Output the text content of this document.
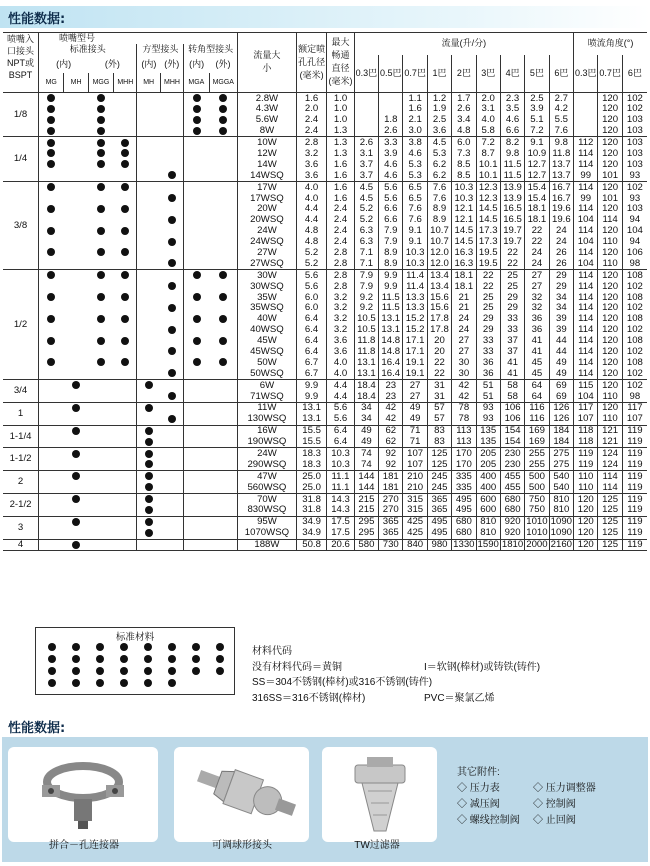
性能数据:
喷嘴入口接头NPT或BSPT	喷嘴型号								流量大小	额定喷孔孔径(毫米)	最大畅通直径(毫米)	流量(升/分)									喷流角度(°)		
	标准接头				方型接头		转角型接头																
	(内)		(外)		(内)	(外)	(内)	(外)				0.3巴	0.5巴	0.7巴	1巴	2巴	3巴	4巴	5巴	6巴	0.3巴	0.7巴	6巴
	MG	MH	MGG	MHH	MH	MHH	MGA	MGGA															

1/8									2.8W	1.6	1.0			1.1	1.2	1.7	2.0	2.3	2.5	2.7		120	102
									4.3W	2.0	1.0			1.6	1.9	2.6	3.1	3.5	3.9	4.2		120	102
									5.6W	2.4	1.0		1.8	2.1	2.5	3.4	4.0	4.6	5.1	5.5		120	103
									8W	2.4	1.3		2.6	3.0	3.6	4.8	5.8	6.6	7.2	7.6		120	103
1/4									10W	2.8	1.3	2.6	3.3	3.8	4.5	6.0	7.2	8.2	9.1	9.8	112	120	103
									12W	3.2	1.3	3.1	3.9	4.6	5.3	7.3	8.7	9.8	10.9	11.8	114	120	103
									14W	3.6	1.6	3.7	4.6	5.3	6.2	8.5	10.1	11.5	12.7	13.7	114	120	103
									14WSQ	3.6	1.6	3.7	4.6	5.3	6.2	8.5	10.1	11.5	12.7	13.7	99	101	93
3/8									17W	4.0	1.6	4.5	5.6	6.5	7.6	10.3	12.3	13.9	15.4	16.7	114	120	102
									17WSQ	4.0	1.6	4.5	5.6	6.5	7.6	10.3	12.3	13.9	15.4	16.7	99	101	93
									20W	4.4	2.4	5.2	6.6	7.6	8.9	12.1	14.5	16.5	18.1	19.6	114	120	103
									20WSQ	4.4	2.4	5.2	6.6	7.6	8.9	12.1	14.5	16.5	18.1	19.6	104	114	94
									24W	4.8	2.4	6.3	7.9	9.1	10.7	14.5	17.3	19.7	22	24	114	120	104
									24WSQ	4.8	2.4	6.3	7.9	9.1	10.7	14.5	17.3	19.7	22	24	104	110	94
									27W	5.2	2.8	7.1	8.9	10.3	12.0	16.3	19.5	22	24	26	114	120	106
									27WSQ	5.2	2.8	7.1	8.9	10.3	12.0	16.3	19.5	22	24	26	104	110	98
1/2									30W	5.6	2.8	7.9	9.9	11.4	13.4	18.1	22	25	27	29	114	120	108
									30WSQ	5.6	2.8	7.9	9.9	11.4	13.4	18.1	22	25	27	29	114	120	102
									35W	6.0	3.2	9.2	11.5	13.3	15.6	21	25	29	32	34	114	120	108
									35WSQ	6.0	3.2	9.2	11.5	13.3	15.6	21	25	29	32	34	114	120	102
									40W	6.4	3.2	10.5	13.1	15.2	17.8	24	29	33	36	39	114	120	108
									40WSQ	6.4	3.2	10.5	13.1	15.2	17.8	24	29	33	36	39	114	120	102
									45W	6.4	3.6	11.8	14.8	17.1	20	27	33	37	41	44	114	120	108
									45WSQ	6.4	3.6	11.8	14.8	17.1	20	27	33	37	41	44	114	120	102
									50W	6.7	4.0	13.1	16.4	19.1	22	30	36	41	45	49	114	120	108
									50WSQ	6.7	4.0	13.1	16.4	19.1	22	30	36	41	45	49	114	120	102
3/4									6W	9.9	4.4	18.4	23	27	31	42	51	58	64	69	115	120	102
									71WSQ	9.9	4.4	18.4	23	27	31	42	51	58	64	69	104	110	98
1									11W	13.1	5.6	34	42	49	57	78	93	106	116	126	117	120	117
									130WSQ	13.1	5.6	34	42	49	57	78	93	106	116	126	107	110	107
1-1/4									16W	15.5	6.4	49	62	71	83	113	135	154	169	184	118	121	119
									190WSQ	15.5	6.4	49	62	71	83	113	135	154	169	184	118	121	119
1-1/2									24W	18.3	10.3	74	92	107	125	170	205	230	255	275	119	124	119
									290WSQ	18.3	10.3	74	92	107	125	170	205	230	255	275	119	124	119
2									47W	25.0	11.1	144	181	210	245	335	400	455	500	540	110	114	119
									560WSQ	25.0	11.1	144	181	210	245	335	400	455	500	540	110	114	119
2-1/2									70W	31.8	14.3	215	270	315	365	495	600	680	750	810	120	125	119
									830WSQ	31.8	14.3	215	270	315	365	495	600	680	750	810	120	125	119
3									95W	34.9	17.5	295	365	425	495	680	810	920	1010	1090	120	125	119
									1070WSQ	34.9	17.5	295	365	425	495	680	810	920	1010	1090	120	125	119
4									188W	50.8	20.6	580	730	840	980	1330	1590	1810	2000	2160	120	125	119
标准材料
材料代码
没有材料代码＝黄铜	I＝软钢(棒材)或铸铁(铸件)
SS＝304不锈钢(棒材)或316不锈钢(铸件)
316SS＝316不锈钢(棒材)	PVC＝聚氯乙烯
性能数据:
拼合－孔连接器	可调球形接头	TW过滤器
其它附件:
◇ 压力表	◇ 压力调整器
◇ 减压阀	◇ 控制阀
◇ 螺线控制阀 ◇ 止回阀
